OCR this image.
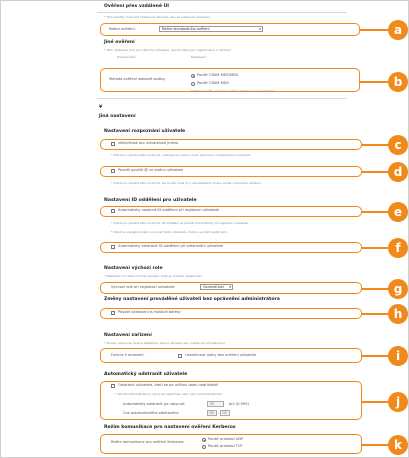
Ověření přes vzdálené UI
* Tyto položky musí být nastaveny zároveň, aby se nastavení projevilo.
Režim ověření:	Režim standardního ověření	▾
Jiné ověření
* Tato nastavení jsou pro všechny uživatele, jejichž data jsou registrována v zařízení.
Ověření sítě:	Nastavení:
Metoda ověření webové služby:
Použít CRAM-MD5/MD5
Použít CRAM-MD5
* Nelze použít, pokud je ověření nastaveno na Kerberos.
¥
Jiná nastavení
Nastavení rozpoznání uživatele
Velká/malá pro uživatelské jméno
* Pokud je vybrána tato možnost, rozlišuje se velká a malá písmena v uživatelských jménech.
Povolit použití @ ve jménu uživatele
* Pokud je vybrána tato možnost, lze použít znak @ v uživatelském jménu podle vybraného zařízení.
Nastavení ID oddělení pro uživatele
Automaticky nastavit ID oddělení při registraci uživatele
* Pokud je vybrána tato možnost, ID oddělení se přiřadí automaticky při registraci uživatele.
* Pokud je zaregistrováno více než 1000 uživatelů, mohou se stát neplatnými.
Automaticky odstranit ID oddělení při odstranění uživatele
Nastavení výchozí role
* Nastavte roli, která má být použita, když je uživatel registrován.
Výchozí role při registraci uživatele:	GeneralUser ▾
Změny nastavení prováděné uživateli bez oprávnění administrátora
Povolit nastavení e-mailové adresy
Nastavení zařízení
* Zvolte, zda bude funkce zakázána, pokud uživatel není ověřen při přihlašování.
Funkce k omezení:	Uzamknout úlohy bez ověření uživatele
Automatický odstranit uživatele
Odstranit uživatele, kteří se po určitou dobu nepřihlásili
* Vezmě administrátora, který se nepřihlásí nebo není administrátorem.
Automaticky odstranit po uplynutí:	30	dní (0-999)
Čas automatického odstranění:	00	: 00
Režim komunikace pro nastavení ověření Kerberos
Režim komunikace pro ověření Kerberos:
Použít protokol UDP
Použít protokol TCP
a
b
c
d
e
f
g
h
i
j
k
